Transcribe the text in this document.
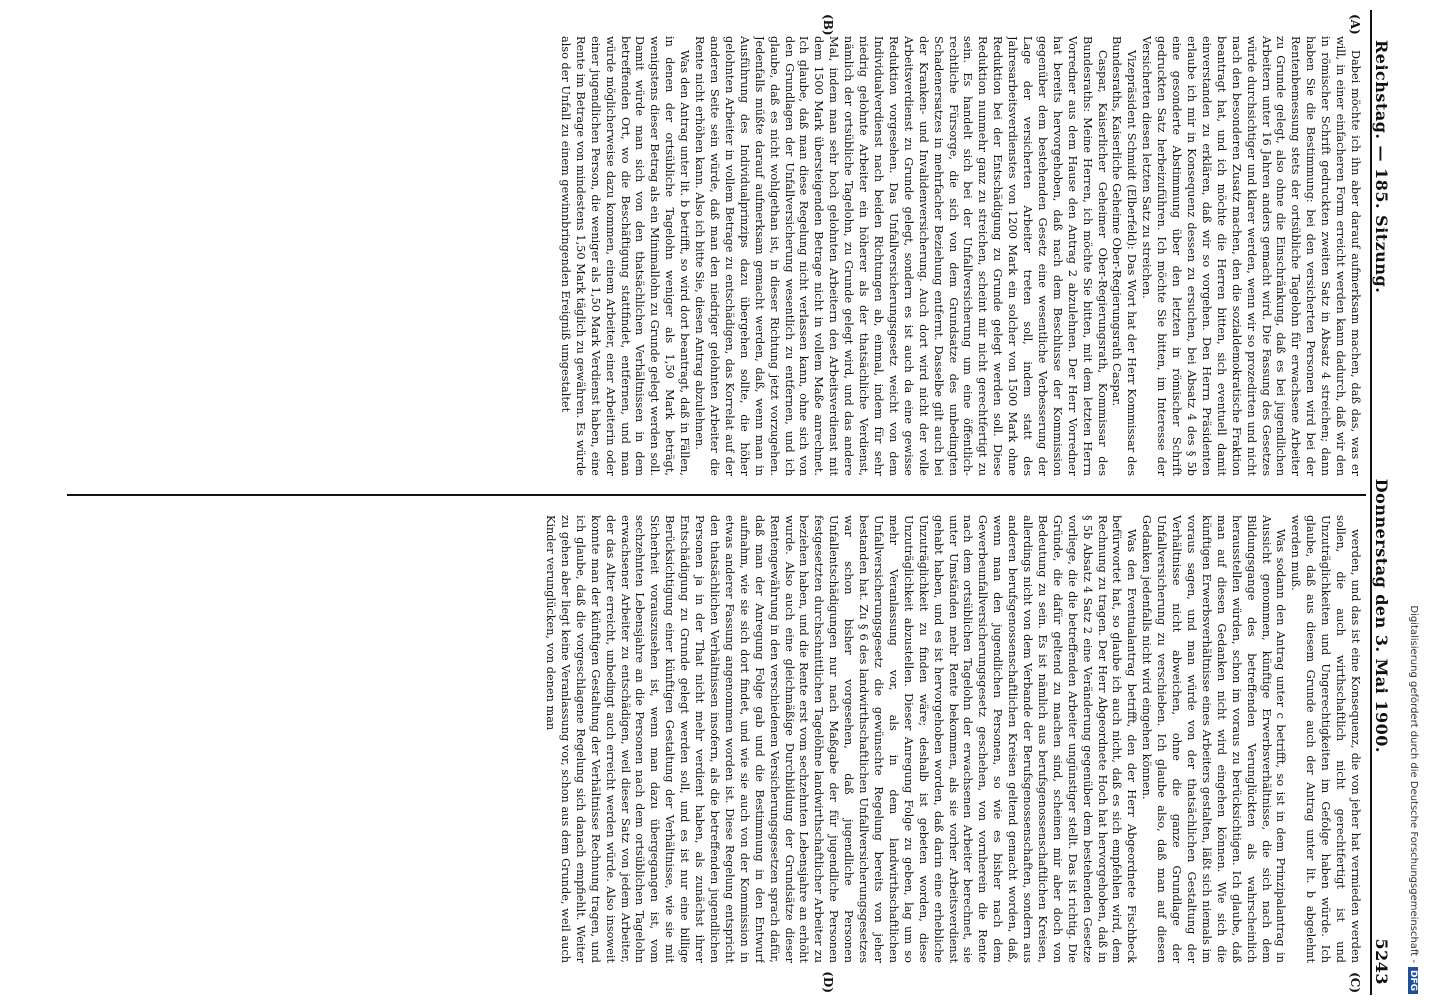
Reichstag. — 185. Sitzung.
Donnerstag den 3. Mai 1900.
5243
(A)
(B)
(C)
(D)

Dabei möchte ich ihn aber darauf aufmerksam machen, daß das, was er will, in einer einfacheren Form erreicht werden kann dadurch, daß wir den in römischer Schrift gedruckten zweiten Satz in Absatz 4 streichen; dann haben Sie die Bestimmung: bei den versicherten Personen wird bei der Rentenbemessung stets der ortsübliche Tagelohn für erwachsene Arbeiter zu Grunde gelegt, also ohne die Einschränkung, daß es bei jugendlichen Arbeitern unter 16 Jahren anders gemacht wird. Die Fassung des Gesetzes würde durchsichtiger und klarer werden, wenn wir so prozedirten und nicht nach den besonderen Zusatz machen, den die sozialdemokratische Fraktion beantragt hat, und ich möchte die Herren bitten, sich eventuell damit einverstanden zu erklären, daß wir so vorgehen. Den Herrn Präsidenten erlaube ich mir in Konsequenz dessen zu ersuchen, bei Absatz 4 des § 5b eine gesonderte Abstimmung über den letzten in römischer Schrift gedruckten Satz herbeizuführen. Ich möchte Sie bitten, im Interesse der Versicherten diesen letzten Satz zu streichen.

Vizepräsident Schmidt (Elberfeld): Das Wort hat der Herr Kommissar des Bundesraths, Kaiserliche Geheime Ober-Regierungsrath Caspar.

Caspar, Kaiserlicher Geheimer Ober-Regierungsrath, Kommissar des Bundesraths: Meine Herren, ich möchte Sie bitten, mit dem letzten Herrn Vorredner aus dem Hause den Antrag 2 abzulehnen. Der Herr Vorredner hat bereits hervorgehoben, daß nach dem Beschlusse der Kommission gegenüber dem bestehenden Gesetz eine wesentliche Verbesserung der Lage der versicherten Arbeiter treten soll, indem statt des Jahresarbeitsverdienstes von 1200 Mark ein solcher von 1500 Mark ohne Reduktion bei der Entschädigung zu Grunde gelegt werden soll. Diese Reduktion nunmehr ganz zu streichen, scheint mir nicht gerechtfertigt zu sein. Es handelt sich bei der Unfallversicherung um eine öffentlich-rechtliche Fürsorge, die sich von dem Grundsatze des unbedingten Schadenersatzes in mehrfacher Beziehung entfernt. Dasselbe gilt auch bei der Kranken- und Invalidenversicherung. Auch dort wird nicht der volle Arbeitsverdienst zu Grunde gelegt, sondern es ist auch da eine gewisse Reduktion vorgesehen. Das Unfallversicherungsgesetz weicht von dem Individualverdienst nach beiden Richtungen ab, einmal, indem für sehr niedrig gelohnte Arbeiter ein höherer als der thatsächliche Verdienst, nämlich der ortsübliche Tagelohn, zu Grunde gelegt wird, und das andere Mal, indem man sehr hoch gelohnten Arbeitern den Arbeitsverdienst mit dem 1500 Mark übersteigenden Betrage nicht in vollem Maße anrechnet. Ich glaube, daß man diese Regelung nicht verlassen kann, ohne sich von den Grundlagen der Unfallversicherung wesentlich zu entfernen, und ich glaube, daß es nicht wohlgethan ist, in dieser Richtung jetzt vorzugehen. Jedenfalls müßte darauf aufmerksam gemacht werden, daß, wenn man in Ausführung des Individualprinzips dazu übergehen sollte, die höher gelohnten Arbeiter in vollem Betrage zu entschädigen, das Korrelat auf der anderen Seite sein würde, daß man den niedriger gelohnten Arbeiter die Rente nicht erhöhen kann. Also ich bitte Sie, diesen Antrag abzulehnen.

Was den Antrag unter lit. b betrifft, so wird dort beantragt, daß in Fällen, in denen der ortsübliche Tagelohn weniger als 1,50 Mark beträgt, wenigstens dieser Betrag als ein Minimallohn zu Grunde gelegt werden soll. Damit würde man sich von den thatsächlichen Verhältnissen in dem betreffenden Ort, wo die Beschäftigung stattfindet, entfernen, und man würde möglicherweise dazu kommen, einem Arbeiter, einer Arbeiterin oder einer jugendlichen Person, die weniger als 1,50 Mark Verdienst haben, eine Rente im Betrage von mindestens 1,50 Mark täglich zu gewähren. Es würde also der Unfall zu einem gewinnbringenden Ereigniß umgestaltet

werden, und das ist eine Konsequenz, die von jeher hat vermieden werden sollen, die auch wirthschaftlich nicht gerechtfertigt ist und Unzuträglichkeiten und Ungerechtigkeiten im Gefolge haben würde. Ich glaube, daß aus diesem Grunde auch der Antrag unter lit. b abgelehnt werden muß.

Was sodann den Antrag unter c betrifft, so ist in dem Prinzipalantrag in Aussicht genommen, künftige Erwerbsverhältnisse, die sich nach dem Bildungsgange des betreffenden Verunglückten als wahrscheinlich herausstellen würden, schon im voraus zu berücksichtigen. Ich glaube, daß man auf diesen Gedanken nicht wird eingehen können. Wie sich die künftigen Erwerbsverhältnisse eines Arbeiters gestalten, läßt sich niemals im voraus sagen, und man würde von der thatsächlichen Gestaltung der Verhältnisse nicht abweichen, ohne die ganze Grundlage der Unfallversicherung zu verschieben. Ich glaube also, daß man auf diesen Gedanken jedenfalls nicht wird eingehen können.

Was den Eventualantrag betrifft, den der Herr Abgeordnete Fischbeck befürwortet hat, so glaube ich auch nicht, daß es sich empfehlen wird, dem Rechnung zu tragen. Der Herr Abgeordnete Hoch hat hervorgehoben, daß in § 5b Absatz 4 Satz 2 eine Veränderung gegenüber dem bestehenden Gesetze vorliege, die die betreffenden Arbeiter ungünstiger stellt. Das ist richtig. Die Gründe, die dafür geltend zu machen sind, scheinen mir aber doch von Bedeutung zu sein. Es ist nämlich aus berufsgenossenschaftlichen Kreisen, allerdings nicht von dem Verbande der Berufsgenossenschaften, sondern aus anderen berufsgenossenschaftlichen Kreisen geltend gemacht worden, daß, wenn man den jugendlichen Personen, so wie es bisher nach dem Gewerbeunfallversicherungsgesetz geschehen, von vornherein die Rente nach dem ortsüblichen Tagelohn der erwachsenen Arbeiter berechnet, sie unter Umständen mehr Rente bekommen, als sie vorher Arbeitsverdienst gehabt haben, und es ist hervorgehoben worden, daß darin eine erhebliche Unzuträglichkeit zu finden wäre; deshalb ist gebeten worden, diese Unzuträglichkeit abzustellen. Dieser Anregung Folge zu geben, lag um so mehr Veranlassung vor, als in dem landwirthschaftlichen Unfallversicherungsgesetz die gewünschte Regelung bereits von jeher bestanden hat. Zu § 6 des landwirthschaftlichen Unfallversicherungsgesetzes war schon bisher vorgesehen, daß jugendliche Personen Unfallentschädigungen nur nach Maßgabe der für jugendliche Personen festgesetzten durchschnittlichen Tagelöhne landwirthschaftlicher Arbeiter zu beziehen haben, und die Rente erst vom sechzehnten Lebensjahre an erhöht wurde. Also auch eine gleichmäßige Durchbildung der Grundsätze dieser Rentengewährung in den verschiedenen Versicherungsgesetzen sprach dafür, daß man der Anregung Folge gab und die Bestimmung in den Entwurf aufnahm, wie sie sich dort findet, und wie sie auch von der Kommission in etwas anderer Fassung angenommen worden ist. Diese Regelung entspricht den thatsächlichen Verhältnissen insofern, als die betreffenden jugendlichen Personen ja in der That nicht mehr verdient haben, als zunächst ihrer Entschädigung zu Grunde gelegt werden soll, und es ist nur eine billige Berücksichtigung einer künftigen Gestaltung der Verhältnisse, wie sie mit Sicherheit vorauszusehen ist, wenn man dazu übergegangen ist, vom sechzehnten Lebensjahre an die Personen nach dem ortsüblichen Tagelohn erwachsener Arbeiter zu entschädigen, weil dieser Satz von jedem Arbeiter, der das Alter erreicht, unbedingt auch erreicht werden würde. Also insoweit konnte man der künftigen Gestaltung der Verhältnisse Rechnung tragen, und ich glaube, daß die vorgeschlagene Regelung sich danach empfiehlt. Weiter zu gehen aber liegt keine Veranlassung vor, schon aus dem Grunde, weil auch Kinder verunglücken, von denen man	Digitalisierung gefördert durch die Deutsche Forschungsgemeinschaft -DFG
